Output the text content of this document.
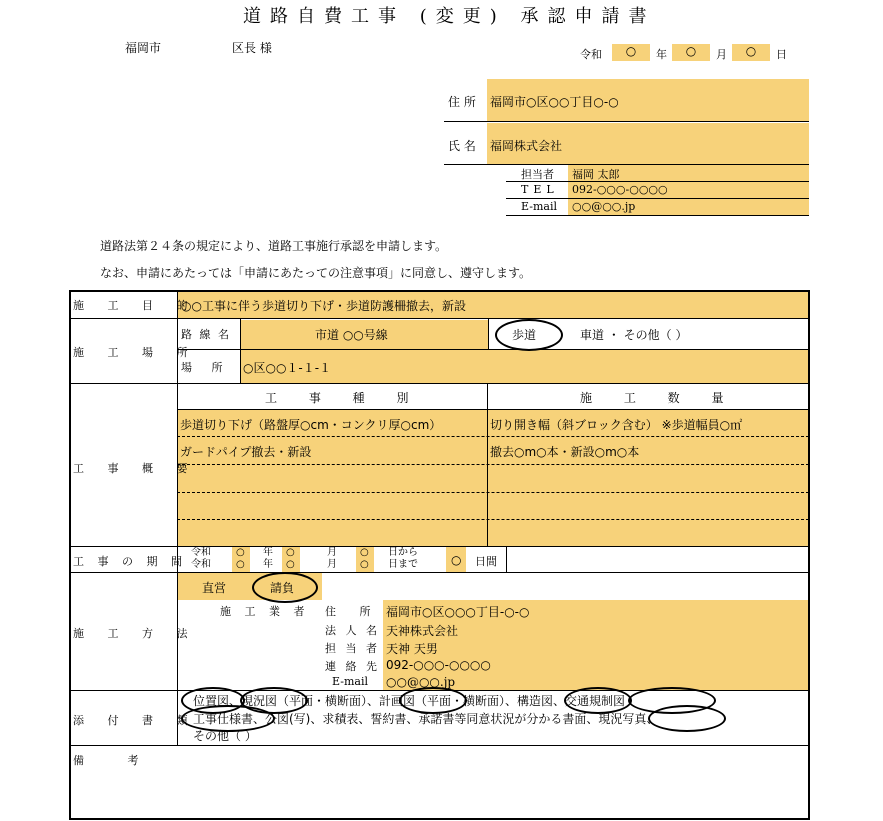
道路自費工事 (変更) 承認申請書
福岡市	区長 様	令和	○	年	○	月	○	日
住 所 福岡市○区○○丁目○-○
氏 名 福岡株式会社
担当者 福岡 太郎
TEL 092-○○○-○○○○
E-mail ○○@○○.jp
道路法第２４条の規定により、道路工事施行承認を申請します。
なお、申請にあたっては「申請にあたっての注意事項」に同意し、遵守します。
施 工 目 的
○○工事に伴う歩道切り下げ・歩道防護柵撤去，新設
施 工 場 所
路 線 名	市道 ○○号線	歩道	車道 ・ その他（ ）
場 所 ○区○○１-１-１
工 事 概 要
工 事 種 別	施 工 数 量
歩道切り下げ（路盤厚○cm・コンクリ厚○cm）	切り開き幅（斜ブロック含む） ※歩道幅員○㎡
ガードパイプ撤去・新設	撤去○m○本・新設○m○本
工 事 の 期 間
令和	○ 年 ○	月 ○ 日から
令和	○ 年 ○	月 ○ 日まで	○ 日間
施 工 方 法
直営	請負
施 工 業 者 住 所 福岡市○区○○○丁目-○-○
法 人 名 天神株式会社
担 当 者 天神 天男
連 絡 先 092-○○○-○○○○
E-mail ○○@○○.jp
添 付 書 類
位置図、現況図（平面・横断面）、計画図（平面・横断面）、構造図、交通規制図
工事仕様書、公図(写)、求積表、誓約書、承諾書等同意状況が分かる書面、現況写真、
その他（ ）
備 考
